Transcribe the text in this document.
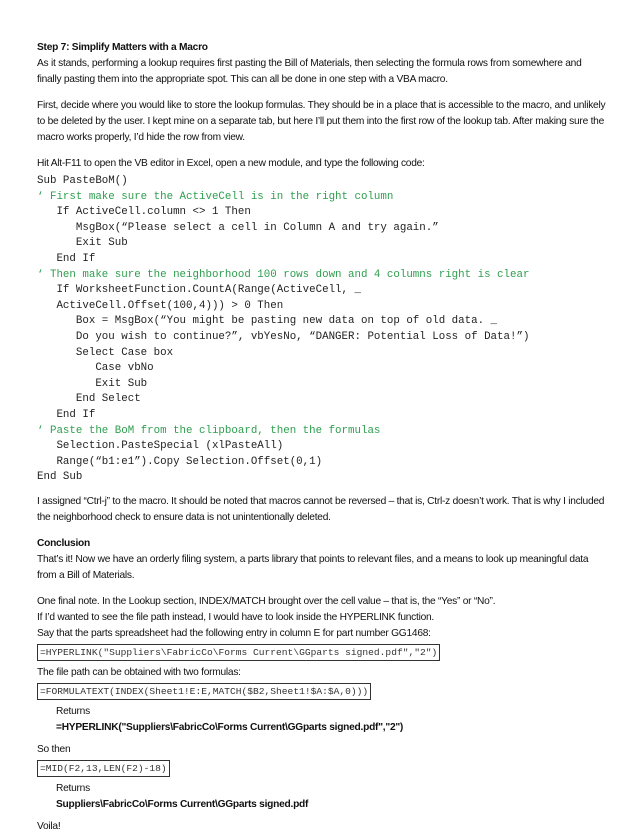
Step 7: Simplify Matters with a Macro

As it stands, performing a lookup requires first pasting the Bill of Materials, then selecting the formula rows from somewhere and finally pasting them into the appropriate spot. This can all be done in one step with a VBA macro.

First, decide where you would like to store the lookup formulas. They should be in a place that is accessible to the macro, and unlikely to be deleted by the user. I kept mine on a separate tab, but here I’ll put them into the first row of the lookup tab. After making sure the macro works properly, I’d hide the row from view.

Hit Alt-F11 to open the VB editor in Excel, open a new module, and type the following code:

Sub PasteBoM()
‘ First make sure the ActiveCell is in the right column
If ActiveCell.column <> 1 Then
MsgBox(“Please select a cell in Column A and try again.”
Exit Sub
End If
‘ Then make sure the neighborhood 100 rows down and 4 columns right is clear
If WorksheetFunction.CountA(Range(ActiveCell, _
ActiveCell.Offset(100,4))) > 0 Then
Box = MsgBox(“You might be pasting new data on top of old data. _
Do you wish to continue?”, vbYesNo, “DANGER: Potential Loss of Data!”)
Select Case box
Case vbNo
Exit Sub
End Select
End If
‘ Paste the BoM from the clipboard, then the formulas
Selection.PasteSpecial (xlPasteAll)
Range(“b1:e1”).Copy Selection.Offset(0,1)
End Sub

I assigned “Ctrl-j” to the macro. It should be noted that macros cannot be reversed – that is, Ctrl-z doesn’t work. That is why I included the neighborhood check to ensure data is not unintentionally deleted.

Conclusion

That’s it! Now we have an orderly filing system, a parts library that points to relevant files, and a means to look up meaningful data from a Bill of Materials.

One final note. In the Lookup section, INDEX/MATCH brought over the cell value – that is, the “Yes” or “No”.

If I’d wanted to see the file path instead, I would have to look inside the HYPERLINK function.

Say that the parts spreadsheet had the following entry in column E for part number GG1468:

=HYPERLINK("Suppliers\FabricCo\Forms Current\GGparts signed.pdf","2")

The file path can be obtained with two formulas:

=FORMULATEXT(INDEX(Sheet1!E:E,MATCH($B2,Sheet1!$A:$A,0)))

Returns

=HYPERLINK("Suppliers\FabricCo\Forms Current\GGparts signed.pdf","2")

So then

=MID(F2,13,LEN(F2)-18)

Returns

Suppliers\FabricCo\Forms Current\GGparts signed.pdf

Voila!
